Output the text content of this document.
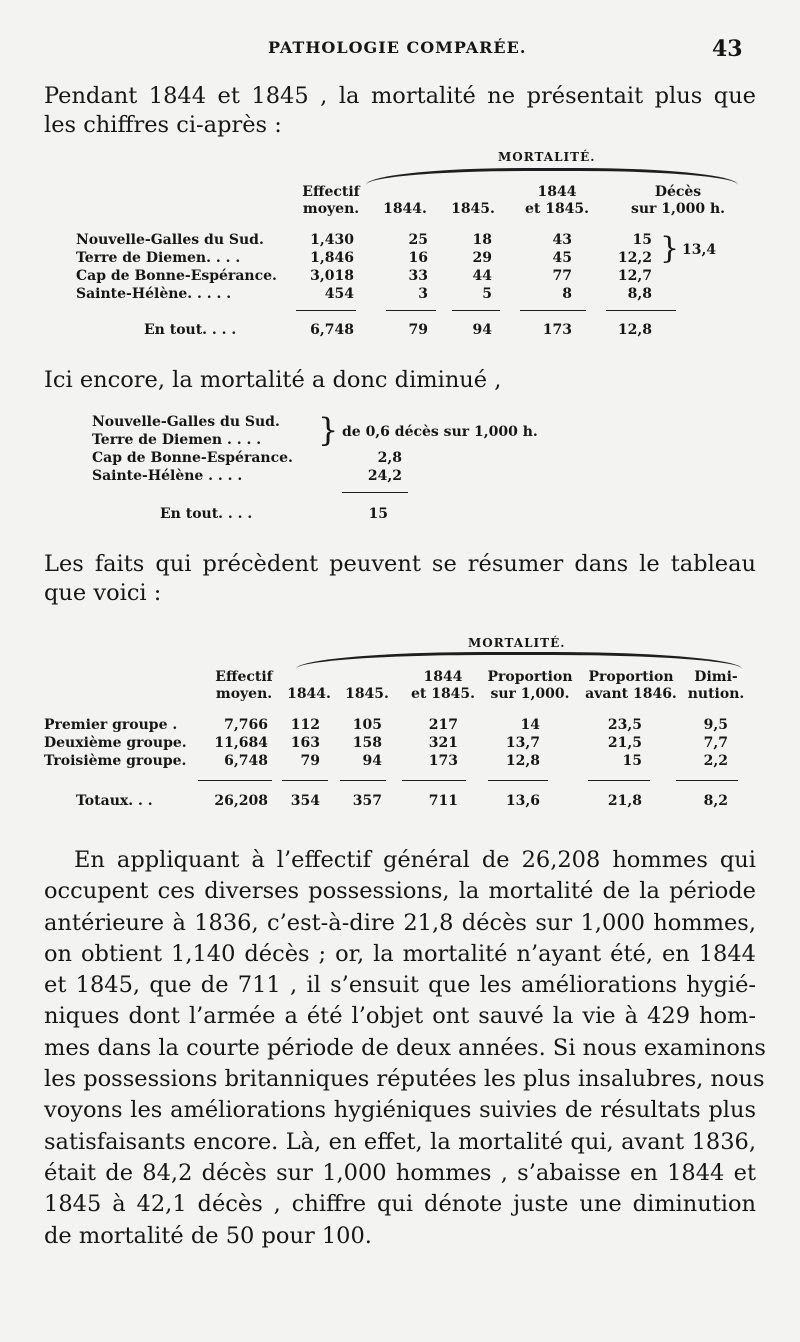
PATHOLOGIE COMPARÉE.	43
Pendant 1844 et 1845 , la mortalité ne présentait plus que
les chiffres ci-après :
MORTALITÉ.
Effectif
moyen.	1844.	1845.
1844
et 1845.
Décès
sur 1,000 h.
Nouvelle-Galles du Sud.	1,430	25	18	43	15
Terre de Diemen. . . .	1,846	16	29	45	12,2
Cap de Bonne-Espérance.	3,018	33	44	77	12,7
Sainte-Hélène. . . . .	454	3	5	8	8,8
} 13,4
En tout. . . .	6,748	79	94	173	12,8
Ici encore, la mortalité a donc diminué ,
Nouvelle-Galles du Sud.
Terre de Diemen . . . . } de 0,6 décès sur 1,000 h.
Cap de Bonne-Espérance.	2,8
Sainte-Hélène . . . .	24,2
En tout. . . .	15
Les faits qui précèdent peuvent se résumer dans le tableau
que voici :
MORTALITÉ.
Effectif
moyen.	1844.	1845.
1844
et 1845.
Proportion
sur 1,000.
Proportion
avant 1846.
Dimi-
nution.
Premier groupe .	7,766	112	105	217	14	23,5	9,5
Deuxième groupe.	11,684	163	158	321	13,7	21,5	7,7
Troisième groupe.	6,748	79	94	173	12,8	15	2,2
Totaux. . .	26,208	354	357	711	13,6	21,8	8,2
En appliquant à l’effectif général de 26,208 hommes qui
occupent ces diverses possessions, la mortalité de la période
antérieure à 1836, c’est-à-dire 21,8 décès sur 1,000 hommes,
on obtient 1,140 décès ; or, la mortalité n’ayant été, en 1844
et 1845, que de 711 , il s’ensuit que les améliorations hygié-
niques dont l’armée a été l’objet ont sauvé la vie à 429 hom-
mes dans la courte période de deux années. Si nous examinons
les possessions britanniques réputées les plus insalubres, nous
voyons les améliorations hygiéniques suivies de résultats plus
satisfaisants encore. Là, en effet, la mortalité qui, avant 1836,
était de 84,2 décès sur 1,000 hommes , s’abaisse en 1844 et
1845 à 42,1 décès , chiffre qui dénote juste une diminution
de mortalité de 50 pour 100.
